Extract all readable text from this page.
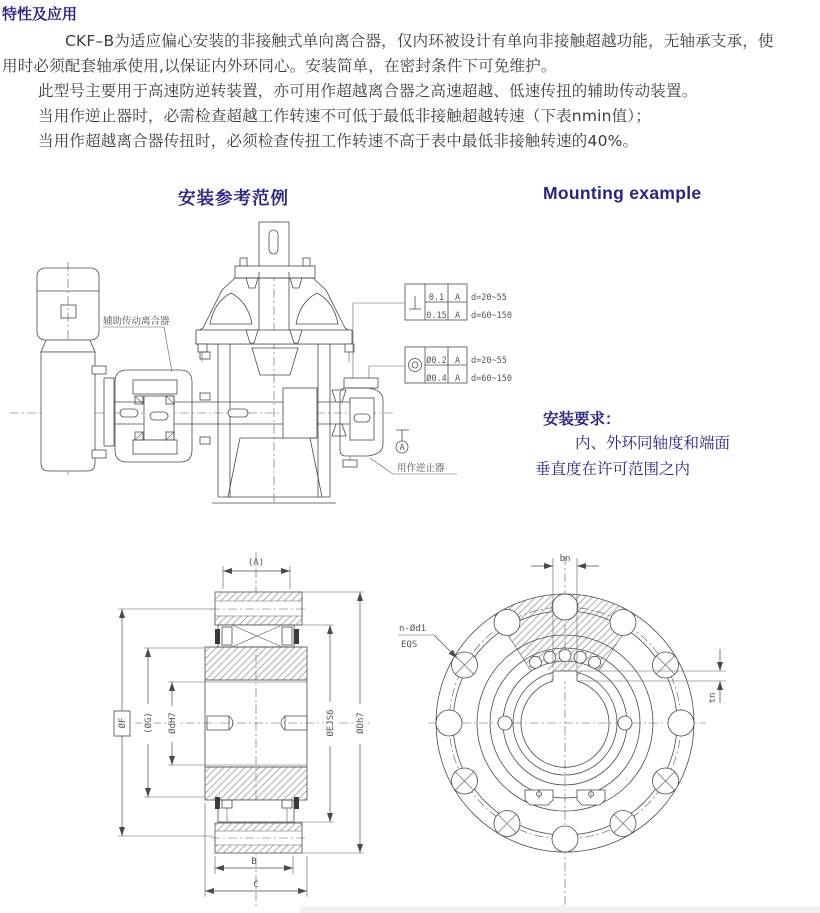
特性及应用
CKF–B为适应偏心安装的非接触式单向离合器，仅内环被设计有单向非接触超越功能，无轴承支承，使
用时必须配套轴承使用,以保证内外环同心。安装简单，在密封条件下可免维护。
此型号主要用于高速防逆转装置，亦可用作超越离合器之高速超越、低速传扭的辅助传动装置。
当用作逆止器时，必需检查超越工作转速不可低于最低非接触超越转速（下表nmin值）；
当用作超越离合器传扭时，必须检查传扭工作转速不高于表中最低非接触转速的40%。
安装参考范例	Mounting example
安装要求：
内、外环同轴度和端面
垂直度在许可范围之内
0.1 A
0.15 A
d=20~55
d=60~150
Ø0.2 A
Ø0.4 A
d=20~55
d=60~150
A
辅助传动离合器
用作逆止器
(A)
ØF (ØG) ØdH7	ØEJS6 ØDh7
B
C
bn
tn
n-Ød1
EQS
